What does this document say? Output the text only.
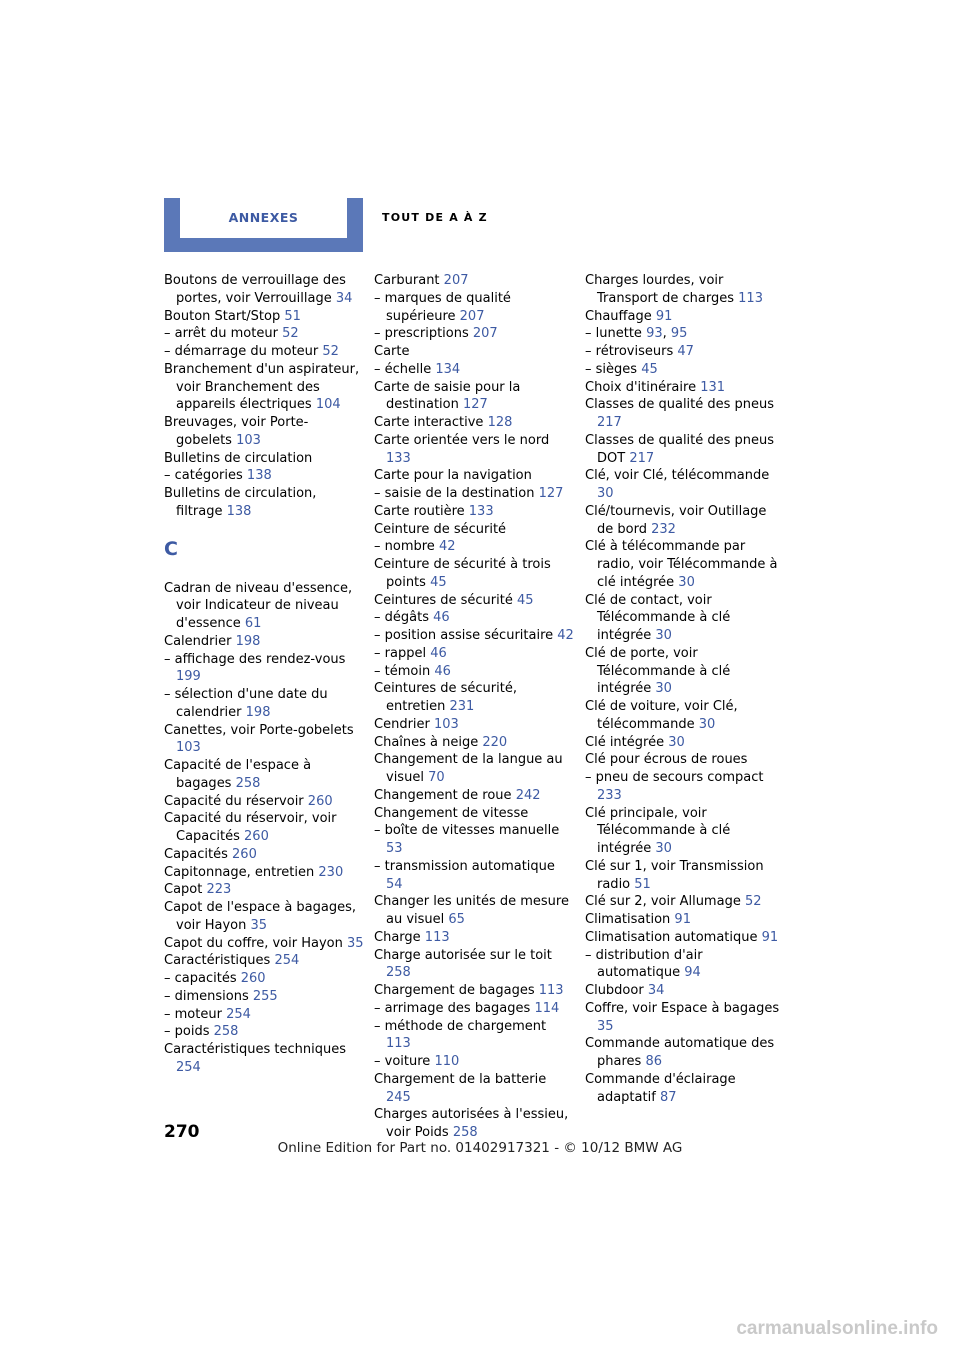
ANNEXES	TOUT DE A À Z
Boutons de verrouillage des portes, voir Verrouillage 34
Bouton Start/Stop 51
– arrêt du moteur 52
– démarrage du moteur 52
Branchement d'un aspirateur, voir Branchement des appareils électriques 104
Breuvages, voir Porte-gobelets 103
Bulletins de circulation
– catégories 138
Bulletins de circulation, filtrage 138
C
Cadran de niveau d'essence, voir Indicateur de niveau d'essence 61
Calendrier 198
– affichage des rendez-vous 199
– sélection d'une date du calendrier 198
Canettes, voir Porte-gobelets 103
Capacité de l'espace à bagages 258
Capacité du réservoir 260
Capacité du réservoir, voir Capacités 260
Capacités 260
Capitonnage, entretien 230
Capot 223
Capot de l'espace à bagages, voir Hayon 35
Capot du coffre, voir Hayon 35
Caractéristiques 254
– capacités 260
– dimensions 255
– moteur 254
– poids 258
Caractéristiques techniques 254
Carburant 207
– marques de qualité supérieure 207
– prescriptions 207
Carte
– échelle 134
Carte de saisie pour la destination 127
Carte interactive 128
Carte orientée vers le nord 133
Carte pour la navigation
– saisie de la destination 127
Carte routière 133
Ceinture de sécurité
– nombre 42
Ceinture de sécurité à trois points 45
Ceintures de sécurité 45
– dégâts 46
– position assise sécuritaire 42
– rappel 46
– témoin 46
Ceintures de sécurité, entretien 231
Cendrier 103
Chaînes à neige 220
Changement de la langue au visuel 70
Changement de roue 242
Changement de vitesse
– boîte de vitesses manuelle 53
– transmission automatique 54
Changer les unités de mesure au visuel 65
Charge 113
Charge autorisée sur le toit 258
Chargement de bagages 113
– arrimage des bagages 114
– méthode de chargement 113
– voiture 110
Chargement de la batterie 245
Charges autorisées à l'essieu, voir Poids 258
Charges lourdes, voir Transport de charges 113
Chauffage 91
– lunette 93, 95
– rétroviseurs 47
– sièges 45
Choix d'itinéraire 131
Classes de qualité des pneus 217
Classes de qualité des pneus DOT 217
Clé, voir Clé, télécommande 30
Clé/tournevis, voir Outillage de bord 232
Clé à télécommande par radio, voir Télécommande à clé intégrée 30
Clé de contact, voir Télécommande à clé intégrée 30
Clé de porte, voir Télécommande à clé intégrée 30
Clé de voiture, voir Clé, télécommande 30
Clé intégrée 30
Clé pour écrous de roues
– pneu de secours compact 233
Clé principale, voir Télécommande à clé intégrée 30
Clé sur 1, voir Transmission radio 51
Clé sur 2, voir Allumage 52
Climatisation 91
Climatisation automatique 91
– distribution d'air automatique 94
Clubdoor 34
Coffre, voir Espace à bagages 35
Commande automatique des phares 86
Commande d'éclairage adaptatif 87
270
Online Edition for Part no. 01402917321 - © 10/12 BMW AG
carmanualsonline.info
